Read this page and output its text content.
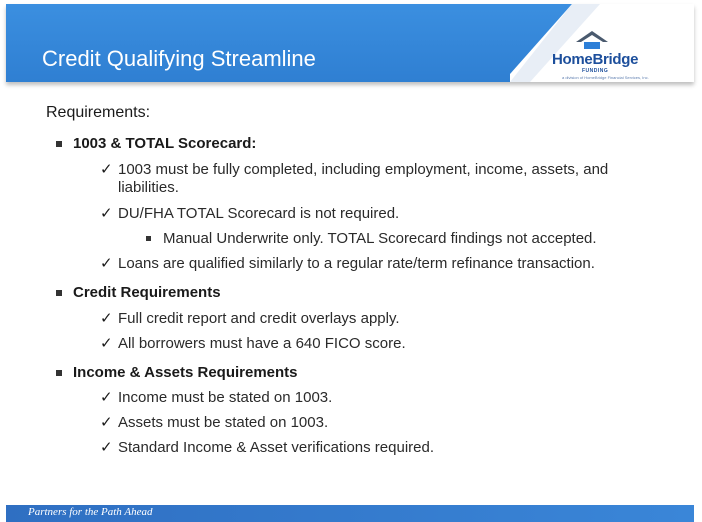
Credit Qualifying Streamline	HomeBridge
FUNDING
a division of HomeBridge Financial Services, Inc.
Requirements:
1003 & TOTAL Scorecard:
✓ 1003 must be fully completed, including employment, income, assets, and
liabilities.
✓ DU/FHA TOTAL Scorecard is not required.
Manual Underwrite only. TOTAL Scorecard findings not accepted.
✓ Loans are qualified similarly to a regular rate/term refinance transaction.
Credit Requirements
✓ Full credit report and credit overlays apply.
✓ All borrowers must have a 640 FICO score.
Income & Assets Requirements
✓ Income must be stated on 1003.
✓ Assets must be stated on 1003.
✓ Standard Income & Asset verifications required.
Partners for the Path Ahead
